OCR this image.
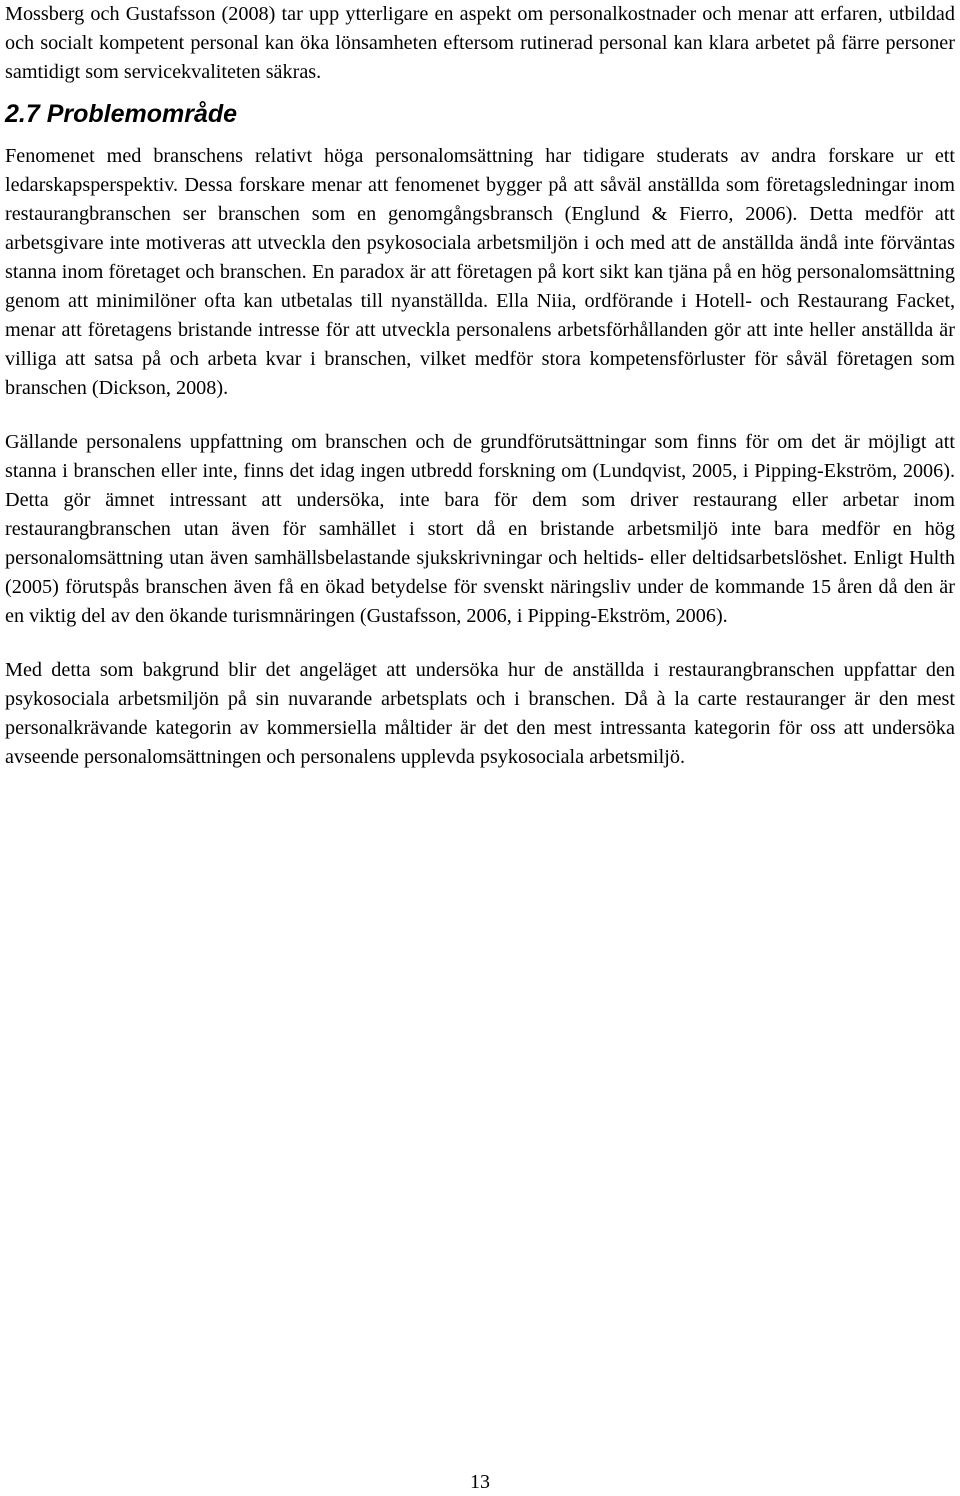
Mossberg och Gustafsson (2008) tar upp ytterligare en aspekt om personalkostnader och menar att erfaren, utbildad och socialt kompetent personal kan öka lönsamheten eftersom rutinerad personal kan klara arbetet på färre personer samtidigt som servicekvaliteten säkras.

2.7 Problemområde

Fenomenet med branschens relativt höga personalomsättning har tidigare studerats av andra forskare ur ett ledarskapsperspektiv. Dessa forskare menar att fenomenet bygger på att såväl anställda som företagsledningar inom restaurangbranschen ser branschen som en genomgångsbransch (Englund & Fierro, 2006). Detta medför att arbetsgivare inte motiveras att utveckla den psykosociala arbetsmiljön i och med att de anställda ändå inte förväntas stanna inom företaget och branschen. En paradox är att företagen på kort sikt kan tjäna på en hög personalomsättning genom att minimilöner ofta kan utbetalas till nyanställda. Ella Niia, ordförande i Hotell- och Restaurang Facket, menar att företagens bristande intresse för att utveckla personalens arbetsförhållanden gör att inte heller anställda är villiga att satsa på och arbeta kvar i branschen, vilket medför stora kompetensförluster för såväl företagen som branschen (Dickson, 2008).

Gällande personalens uppfattning om branschen och de grundförutsättningar som finns för om det är möjligt att stanna i branschen eller inte, finns det idag ingen utbredd forskning om (Lundqvist, 2005, i Pipping-Ekström, 2006). Detta gör ämnet intressant att undersöka, inte bara för dem som driver restaurang eller arbetar inom restaurangbranschen utan även för samhället i stort då en bristande arbetsmiljö inte bara medför en hög personalomsättning utan även samhällsbelastande sjukskrivningar och heltids- eller deltidsarbetslöshet. Enligt Hulth (2005) förutspås branschen även få en ökad betydelse för svenskt näringsliv under de kommande 15 åren då den är en viktig del av den ökande turismnäringen (Gustafsson, 2006, i Pipping-Ekström, 2006).

Med detta som bakgrund blir det angeläget att undersöka hur de anställda i restaurangbranschen uppfattar den psykosociala arbetsmiljön på sin nuvarande arbetsplats och i branschen. Då à la carte restauranger är den mest personalkrävande kategorin av kommersiella måltider är det den mest intressanta kategorin för oss att undersöka avseende personalomsättningen och personalens upplevda psykosociala arbetsmiljö.

13
